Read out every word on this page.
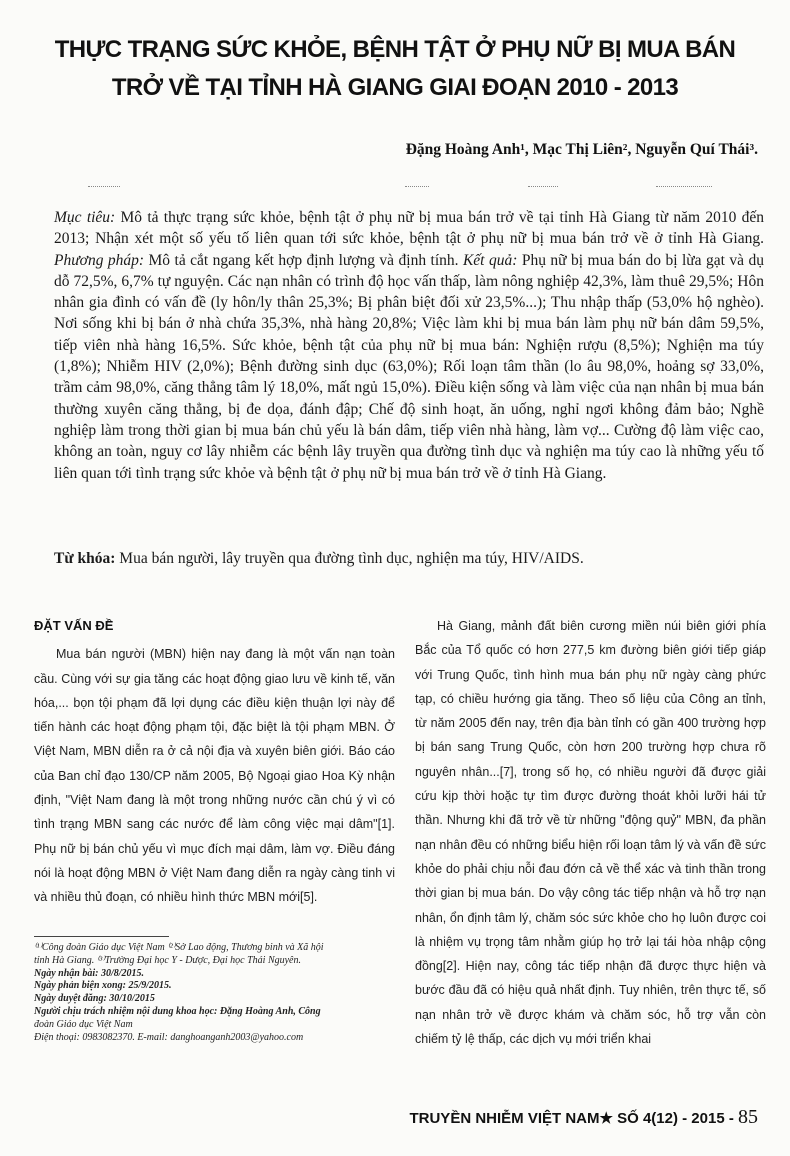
THỰC TRẠNG SỨC KHỎE, BỆNH TẬT Ở PHỤ NỮ BỊ MUA BÁN
TRỞ VỀ TẠI TỈNH HÀ GIANG GIAI ĐOẠN 2010 - 2013
Đặng Hoàng Anh¹, Mạc Thị Liên², Nguyễn Quí Thái³.
Mục tiêu: Mô tả thực trạng sức khỏe, bệnh tật ở phụ nữ bị mua bán trở về tại tỉnh Hà Giang từ năm 2010 đến 2013; Nhận xét một số yếu tố liên quan tới sức khỏe, bệnh tật ở phụ nữ bị mua bán trở về ở tỉnh Hà Giang. Phương pháp: Mô tả cắt ngang kết hợp định lượng và định tính. Kết quả: Phụ nữ bị mua bán do bị lừa gạt và dụ dỗ 72,5%, 6,7% tự nguyện. Các nạn nhân có trình độ học vấn thấp, làm nông nghiệp 42,3%, làm thuê 29,5%; Hôn nhân gia đình có vấn đề (ly hôn/ly thân 25,3%; Bị phân biệt đối xử 23,5%...); Thu nhập thấp (53,0% hộ nghèo). Nơi sống khi bị bán ở nhà chứa 35,3%, nhà hàng 20,8%; Việc làm khi bị mua bán làm phụ nữ bán dâm 59,5%, tiếp viên nhà hàng 16,5%. Sức khỏe, bệnh tật của phụ nữ bị mua bán: Nghiện rượu (8,5%); Nghiện ma túy (1,8%); Nhiễm HIV (2,0%); Bệnh đường sinh dục (63,0%); Rối loạn tâm thần (lo âu 98,0%, hoảng sợ 33,0%, trầm cảm 98,0%, căng thẳng tâm lý 18,0%, mất ngủ 15,0%). Điều kiện sống và làm việc của nạn nhân bị mua bán thường xuyên căng thẳng, bị đe dọa, đánh đập; Chế độ sinh hoạt, ăn uống, nghỉ ngơi không đảm bảo; Nghề nghiệp làm trong thời gian bị mua bán chủ yếu là bán dâm, tiếp viên nhà hàng, làm vợ... Cường độ làm việc cao, không an toàn, nguy cơ lây nhiễm các bệnh lây truyền qua đường tình dục và nghiện ma túy cao là những yếu tố liên quan tới tình trạng sức khỏe và bệnh tật ở phụ nữ bị mua bán trở về ở tỉnh Hà Giang.
Từ khóa: Mua bán người, lây truyền qua đường tình dục, nghiện ma túy, HIV/AIDS.
ĐẶT VẤN ĐỀ

Mua bán người (MBN) hiện nay đang là một vấn nạn toàn cầu. Cùng với sự gia tăng các hoạt động giao lưu về kinh tế, văn hóa,... bọn tội phạm đã lợi dụng các điều kiện thuận lợi này để tiến hành các hoạt động phạm tội, đặc biệt là tội phạm MBN. Ở Việt Nam, MBN diễn ra ở cả nội địa và xuyên biên giới. Báo cáo của Ban chỉ đạo 130/CP năm 2005, Bộ Ngoại giao Hoa Kỳ nhận định, "Việt Nam đang là một trong những nước cần chú ý vì có tình trạng MBN sang các nước để làm công việc mại dâm"[1]. Phụ nữ bị bán chủ yếu vì mục đích mại dâm, làm vợ. Điều đáng nói là hoạt động MBN ở Việt Nam đang diễn ra ngày càng tinh vi và nhiều thủ đoạn, có nhiều hình thức MBN mới[5].

Hà Giang, mảnh đất biên cương miền núi biên giới phía Bắc của Tổ quốc có hơn 277,5 km đường biên giới tiếp giáp với Trung Quốc, tình hình mua bán phụ nữ ngày càng phức tạp, có chiều hướng gia tăng. Theo số liệu của Công an tỉnh, từ năm 2005 đến nay, trên địa bàn tỉnh có gần 400 trường hợp bị bán sang Trung Quốc, còn hơn 200 trường hợp chưa rõ nguyên nhân...[7], trong số họ, có nhiều người đã được giải cứu kịp thời hoặc tự tìm được đường thoát khỏi lưỡi hái tử thần. Nhưng khi đã trở về từ những "động quỷ" MBN, đa phần nạn nhân đều có những biểu hiện rối loạn tâm lý và vấn đề sức khỏe do phải chịu nỗi đau đớn cả về thể xác và tinh thần trong thời gian bị mua bán. Do vậy công tác tiếp nhận và hỗ trợ nạn nhân, ổn định tâm lý, chăm sóc sức khỏe cho họ luôn được coi là nhiệm vụ trọng tâm nhằm giúp họ trở lại tái hòa nhập cộng đồng[2]. Hiện nay, công tác tiếp nhận đã được thực hiện và bước đầu đã có hiệu quả nhất định. Tuy nhiên, trên thực tế, số nạn nhân trở về được khám và chăm sóc, hỗ trợ vẫn còn chiếm tỷ lệ thấp, các dịch vụ mới triển khai

⁽¹⁾Công đoàn Giáo dục Việt Nam ⁽²⁾Sở Lao động, Thương binh và Xã hội
tỉnh Hà Giang. ⁽³⁾Trường Đại học Y - Dược, Đại học Thái Nguyên.
Ngày nhận bài: 30/8/2015.
Ngày phản biện xong: 25/9/2015.
Ngày duyệt đăng: 30/10/2015
Người chịu trách nhiệm nội dung khoa học: Đặng Hoàng Anh, Công
đoàn Giáo dục Việt Nam
Điện thoại: 0983082370. E-mail: danghoanganh2003@yahoo.com
TRUYỀN NHIỄM VIỆT NAM★ SỐ 4(12) - 2015 - 85
